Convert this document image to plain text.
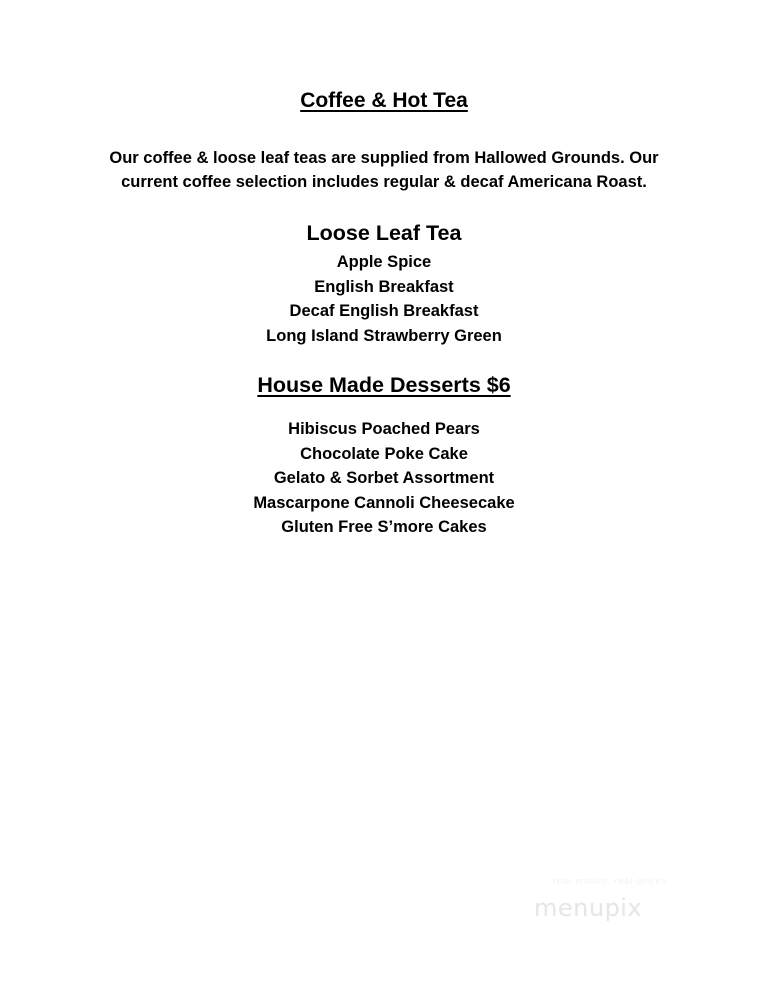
Coffee & Hot Tea

Our coffee & loose leaf teas are supplied from Hallowed Grounds. Our
current coffee selection includes regular & decaf Americana Roast.

Loose Leaf Tea
Apple Spice
English Breakfast
Decaf English Breakfast
Long Island Strawberry Green
House Made Desserts $6
Hibiscus Poached Pears
Chocolate Poke Cake
Gelato & Sorbet Assortment
Mascarpone Cannoli Cheesecake
Gluten Free S’more Cakes
real menus, real prices
menupix
